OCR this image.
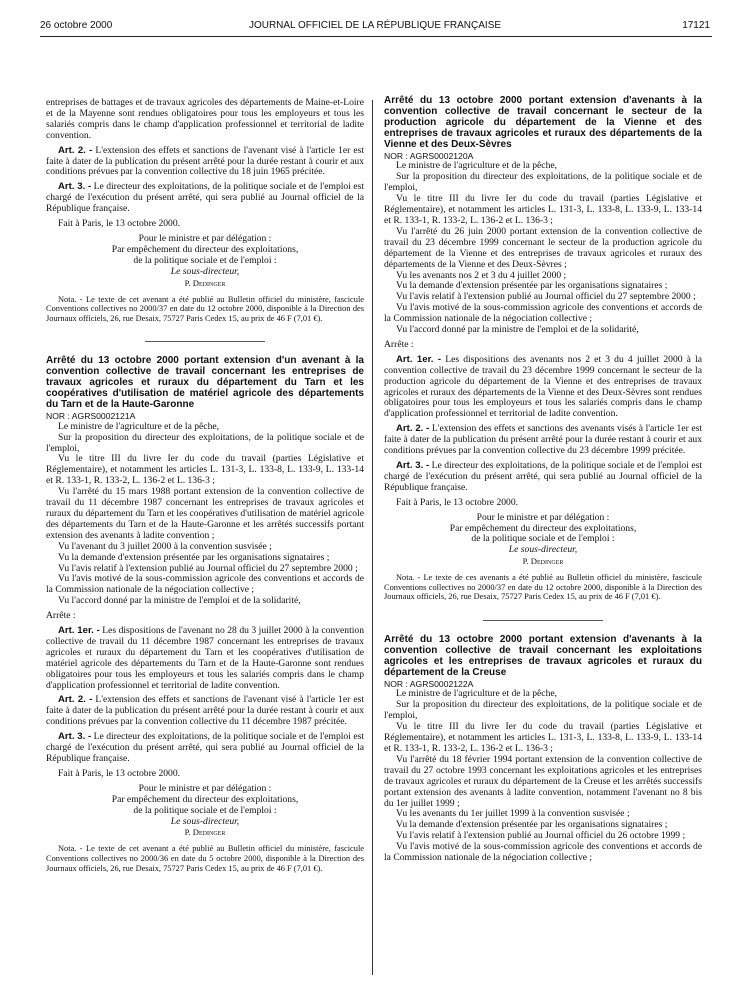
26 octobre 2000	JOURNAL OFFICIEL DE LA RÉPUBLIQUE FRANÇAISE	17121

entreprises de battages et de travaux agricoles des départements de Maine-et-Loire et de la Mayenne sont rendues obligatoires pour tous les employeurs et tous les salariés compris dans le champ d'application professionnel et territorial de ladite convention.

Art. 2. - L'extension des effets et sanctions de l'avenant visé à l'article 1er est faite à dater de la publication du présent arrêté pour la durée restant à courir et aux conditions prévues par la convention collective du 18 juin 1965 précitée.

Art. 3. - Le directeur des exploitations, de la politique sociale et de l'emploi est chargé de l'exécution du présent arrêté, qui sera publié au Journal officiel de la République française.

Fait à Paris, le 13 octobre 2000.

Pour le ministre et par délégation :
Par empêchement du directeur des exploitations,
de la politique sociale et de l'emploi :
Le sous-directeur,
P. Dedinger

Nota. - Le texte de cet avenant a été publié au Bulletin officiel du ministère, fascicule Conventions collectives no 2000/37 en date du 12 octobre 2000, disponible à la Direction des Journaux officiels, 26, rue Desaix, 75727 Paris Cedex 15, au prix de 46 F (7,01 €).

Arrêté du 13 octobre 2000 portant extension d'un avenant à la convention collective de travail concernant les entreprises de travaux agricoles et ruraux du département du Tarn et les coopératives d'utilisation de matériel agricole des départements du Tarn et de la Haute-Garonne

NOR : AGRS0002121A

Le ministre de l'agriculture et de la pêche,

Sur la proposition du directeur des exploitations, de la politique sociale et de l'emploi,

Vu le titre III du livre Ier du code du travail (parties Législative et Réglementaire), et notamment les articles L. 131-3, L. 133-8, L. 133-9, L. 133-14 et R. 133-1, R. 133-2, L. 136-2 et L. 136-3 ;

Vu l'arrêté du 15 mars 1988 portant extension de la convention collective de travail du 11 décembre 1987 concernant les entreprises de travaux agricoles et ruraux du département du Tarn et les coopératives d'utilisation de matériel agricole des départements du Tarn et de la Haute-Garonne et les arrêtés successifs portant extension des avenants à ladite convention ;

Vu l'avenant du 3 juillet 2000 à la convention susvisée ;

Vu la demande d'extension présentée par les organisations signataires ;

Vu l'avis relatif à l'extension publié au Journal officiel du 27 septembre 2000 ;

Vu l'avis motivé de la sous-commission agricole des conventions et accords de la Commission nationale de la négociation collective ;

Vu l'accord donné par la ministre de l'emploi et de la solidarité,

Arrête :

Art. 1er. - Les dispositions de l'avenant no 28 du 3 juillet 2000 à la convention collective de travail du 11 décembre 1987 concernant les entreprises de travaux agricoles et ruraux du département du Tarn et les coopératives d'utilisation de matériel agricole des départements du Tarn et de la Haute-Garonne sont rendues obligatoires pour tous les employeurs et tous les salariés compris dans le champ d'application professionnel et territorial de ladite convention.

Art. 2. - L'extension des effets et sanctions de l'avenant visé à l'article 1er est faite à dater de la publication du présent arrêté pour la durée restant à courir et aux conditions prévues par la convention collective du 11 décembre 1987 précitée.

Art. 3. - Le directeur des exploitations, de la politique sociale et de l'emploi est chargé de l'exécution du présent arrêté, qui sera publié au Journal officiel de la République française.

Fait à Paris, le 13 octobre 2000.

Pour le ministre et par délégation :
Par empêchement du directeur des exploitations,
de la politique sociale et de l'emploi :
Le sous-directeur,
P. Dedinger

Nota. - Le texte de cet avenant a été publié au Bulletin officiel du ministère, fascicule Conventions collectives no 2000/36 en date du 5 octobre 2000, disponible à la Direction des Journaux officiels, 26, rue Desaix, 75727 Paris Cedex 15, au prix de 46 F (7,01 €).

Arrêté du 13 octobre 2000 portant extension d'avenants à la convention collective de travail concernant le secteur de la production agricole du département de la Vienne et des entreprises de travaux agricoles et ruraux des départements de la Vienne et des Deux-Sèvres

NOR : AGRS0002120A

Le ministre de l'agriculture et de la pêche,

Sur la proposition du directeur des exploitations, de la politique sociale et de l'emploi,

Vu le titre III du livre Ier du code du travail (parties Législative et Réglementaire), et notamment les articles L. 131-3, L. 133-8, L. 133-9, L. 133-14 et R. 133-1, R. 133-2, L. 136-2 et L. 136-3 ;

Vu l'arrêté du 26 juin 2000 portant extension de la convention collective de travail du 23 décembre 1999 concernant le secteur de la production agricole du département de la Vienne et des entreprises de travaux agricoles et ruraux des départements de la Vienne et des Deux-Sèvres ;

Vu les avenants nos 2 et 3 du 4 juillet 2000 ;

Vu la demande d'extension présentée par les organisations signataires ;

Vu l'avis relatif à l'extension publié au Journal officiel du 27 septembre 2000 ;

Vu l'avis motivé de la sous-commission agricole des conventions et accords de la Commission nationale de la négociation collective ;

Vu l'accord donné par la ministre de l'emploi et de la solidarité,

Arrête :

Art. 1er. - Les dispositions des avenants nos 2 et 3 du 4 juillet 2000 à la convention collective de travail du 23 décembre 1999 concernant le secteur de la production agricole du département de la Vienne et des entreprises de travaux agricoles et ruraux des départements de la Vienne et des Deux-Sèvres sont rendues obligatoires pour tous les employeurs et tous les salariés compris dans le champ d'application professionnel et territorial de ladite convention.

Art. 2. - L'extension des effets et sanctions des avenants visés à l'article 1er est faite à dater de la publication du présent arrêté pour la durée restant à courir et aux conditions prévues par la convention collective du 23 décembre 1999 précitée.

Art. 3. - Le directeur des exploitations, de la politique sociale et de l'emploi est chargé de l'exécution du présent arrêté, qui sera publié au Journal officiel de la République française.

Fait à Paris, le 13 octobre 2000.

Pour le ministre et par délégation :
Par empêchement du directeur des exploitations,
de la politique sociale et de l'emploi :
Le sous-directeur,
P. Dedinger

Nota. - Le texte de ces avenants a été publié au Bulletin officiel du ministère, fascicule Conventions collectives no 2000/37 en date du 12 octobre 2000, disponible à la Direction des Journaux officiels, 26, rue Desaix, 75727 Paris Cedex 15, au prix de 46 F (7,01 €).

Arrêté du 13 octobre 2000 portant extension d'avenants à la convention collective de travail concernant les exploitations agricoles et les entreprises de travaux agricoles et ruraux du département de la Creuse

NOR : AGRS0002122A

Le ministre de l'agriculture et de la pêche,

Sur la proposition du directeur des exploitations, de la politique sociale et de l'emploi,

Vu le titre III du livre Ier du code du travail (parties Législative et Réglementaire), et notamment les articles L. 131-3, L. 133-8, L. 133-9, L. 133-14 et R. 133-1, R. 133-2, L. 136-2 et L. 136-3 ;

Vu l'arrêté du 18 février 1994 portant extension de la convention collective de travail du 27 octobre 1993 concernant les exploitations agricoles et les entreprises de travaux agricoles et ruraux du département de la Creuse et les arrêtés successifs portant extension des avenants à ladite convention, notamment l'avenant no 8 bis du 1er juillet 1999 ;

Vu les avenants du 1er juillet 1999 à la convention susvisée ;

Vu la demande d'extension présentée par les organisations signataires ;

Vu l'avis relatif à l'extension publié au Journal officiel du 26 octobre 1999 ;

Vu l'avis motivé de la sous-commission agricole des conventions et accords de la Commission nationale de la négociation collective ;
